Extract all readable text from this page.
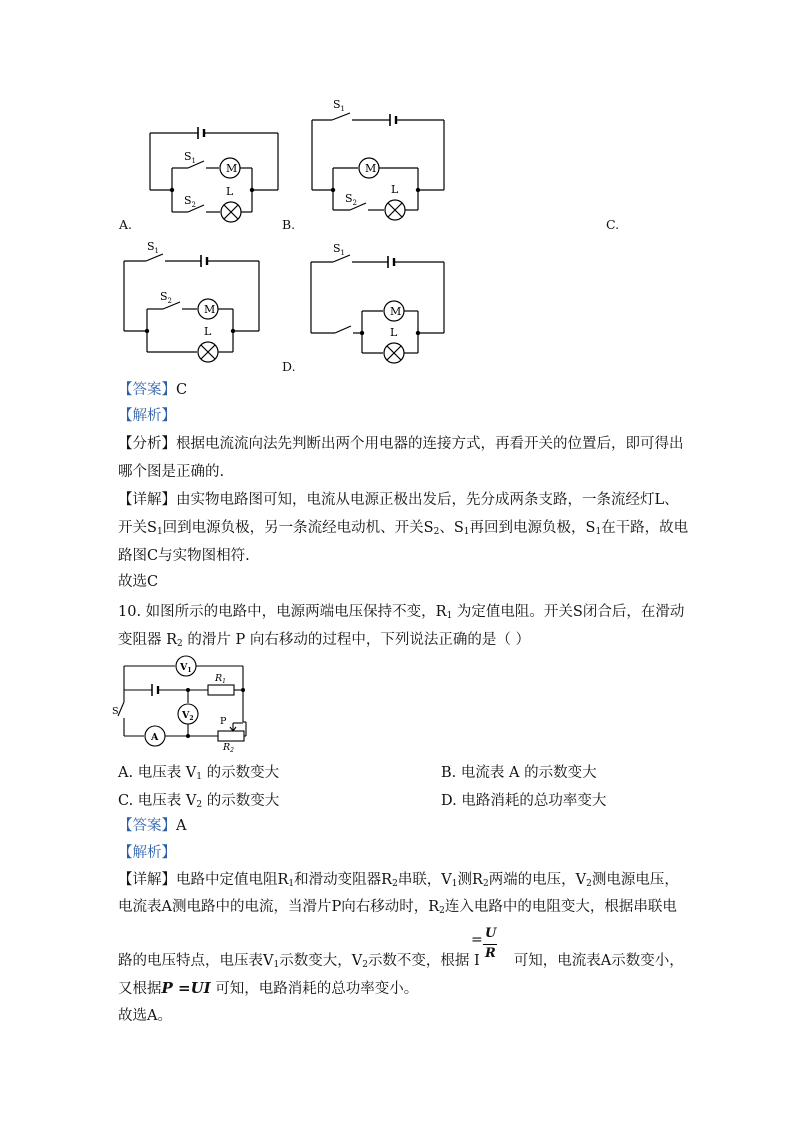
$S_1$
M
L
$S_2$
$S_1$
M
L
$S_2$
$S_1$
$S_2$
M
L
$S_1$
M
L
A.	B.	C.
D.
【答案】C
【解析】
【分析】根据电流流向法先判断出两个用电器的连接方式，再看开关的位置后，即可得出
哪个图是正确的.
【详解】由实物电路图可知，电流从电源正极出发后，先分成两条支路，一条流经灯L、
开关$S_1$回到电源负极，另一条流经电动机、开关$S_2$、$S_1$再回到电源负极，$S_1$在干路，故电
路图C与实物图相符.
故选C
10. 如图所示的电路中，电源两端电压保持不变，$R_1$ 为定值电阻。开关S闭合后，在滑动
变阻器 $R_2$ 的滑片 P 向右移动的过程中，下列说法正确的是（ ）
$V_1$
$V_2$
A
$R_1$
$R_2$
P
S
A. 电压表 $V_1$ 的示数变大	B. 电流表 A 的示数变大
C. 电压表 $V_2$ 的示数变大	D. 电路消耗的总功率变大
【答案】A
【解析】
【详解】电路中定值电阻$R_1$和滑动变阻器$R_2$串联，$V_1$测$R_2$两端的电压，$V_2$测电源电压，
电流表A测电路中的电流，当滑片P向右移动时，$R_2$连入电路中的电阻变大，根据串联电
= U
R
路的电压特点，电压表$V_1$示数变大，$V_2$示数不变，根据 I 可知，电流表A示数变小，
又根据P =UI 可知，电路消耗的总功率变小。
故选A。
